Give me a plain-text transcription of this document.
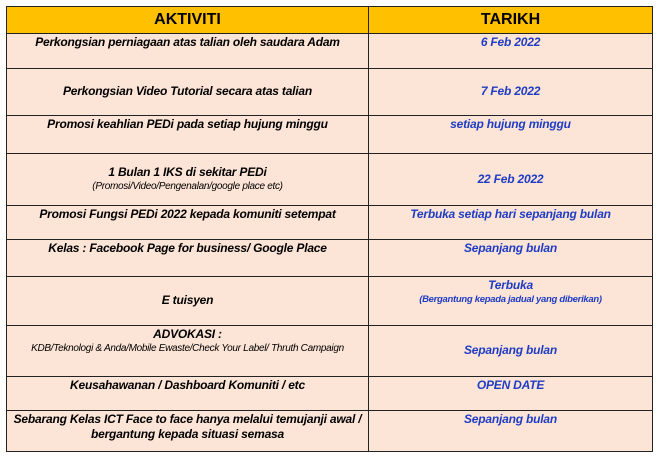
AKTIVITI	TARIKH
Perkongsian perniagaan atas talian oleh saudara Adam	6 Feb 2022
Perkongsian Video Tutorial secara atas talian	7 Feb 2022
Promosi keahlian PEDi pada setiap hujung minggu	setiap hujung minggu

1 Bulan 1 IKS di sekitar PEDi
(Promosi/Video/Pengenalan/google place etc)	22 Feb 2022
Promosi Fungsi PEDi 2022 kepada komuniti setempat	Terbuka setiap hari sepanjang bulan
Kelas : Facebook Page for business/ Google Place	Sepanjang bulan
E tuisyen	Terbuka
(Bergantung kepada jadual yang diberikan)

ADVOKASI :
KDB/Teknologi & Anda/Mobile Ewaste/Check Your Label/ Thruth Campaign	Sepanjang bulan
Keusahawanan / Dashboard Komuniti / etc	OPEN DATE

Sebarang Kelas ICT Face to face hanya melalui temujanji awal /
bergantung kepada situasi semasa	Sepanjang bulan
